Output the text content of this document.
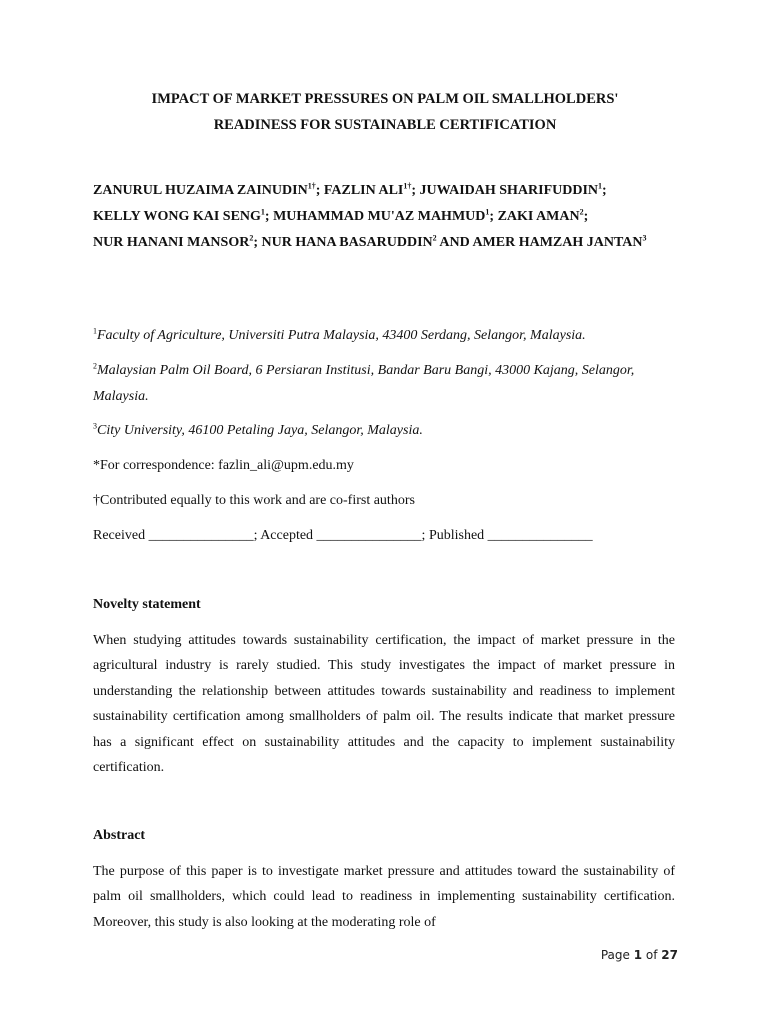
IMPACT OF MARKET PRESSURES ON PALM OIL SMALLHOLDERS'
READINESS FOR SUSTAINABLE CERTIFICATION
ZANURUL HUZAIMA $ZAINUDIN^{1\dagger}$; FAZLIN $ALI^{1\dagger}$; JUWAIDAH SHARIFUDDIN$^1$;
KELLY WONG KAI SENG$^1$; MUHAMMAD MU'AZ MAHMUD$^1$; ZAKI AMAN$^2$;
NUR HANANI MANSOR$^2$; NUR HANA BASARUDDIN$^2$ AND AMER HAMZAH JANTAN$^3$
$^1$Faculty of Agriculture, Universiti Putra Malaysia, 43400 Serdang, Selangor, Malaysia.
$^2$Malaysian Palm Oil Board, 6 Persiaran Institusi, Bandar Baru Bangi, 43000 Kajang, Selangor, Malaysia.
$^3$City University, 46100 Petaling Jaya, Selangor, Malaysia.
*For correspondence: fazlin_ali@upm.edu.my
†Contributed equally to this work and are co-first authors
Received _______________; Accepted _______________; Published _______________
Novelty statement
When studying attitudes towards sustainability certification, the impact of market pressure in the agricultural industry is rarely studied. This study investigates the impact of market pressure in understanding the relationship between attitudes towards sustainability and readiness to implement sustainability certification among smallholders of palm oil. The results indicate that market pressure has a significant effect on sustainability attitudes and the capacity to implement sustainability certification.
Abstract
The purpose of this paper is to investigate market pressure and attitudes toward the sustainability of palm oil smallholders, which could lead to readiness in implementing sustainability certification. Moreover, this study is also looking at the moderating role of
Page 1 of 27
